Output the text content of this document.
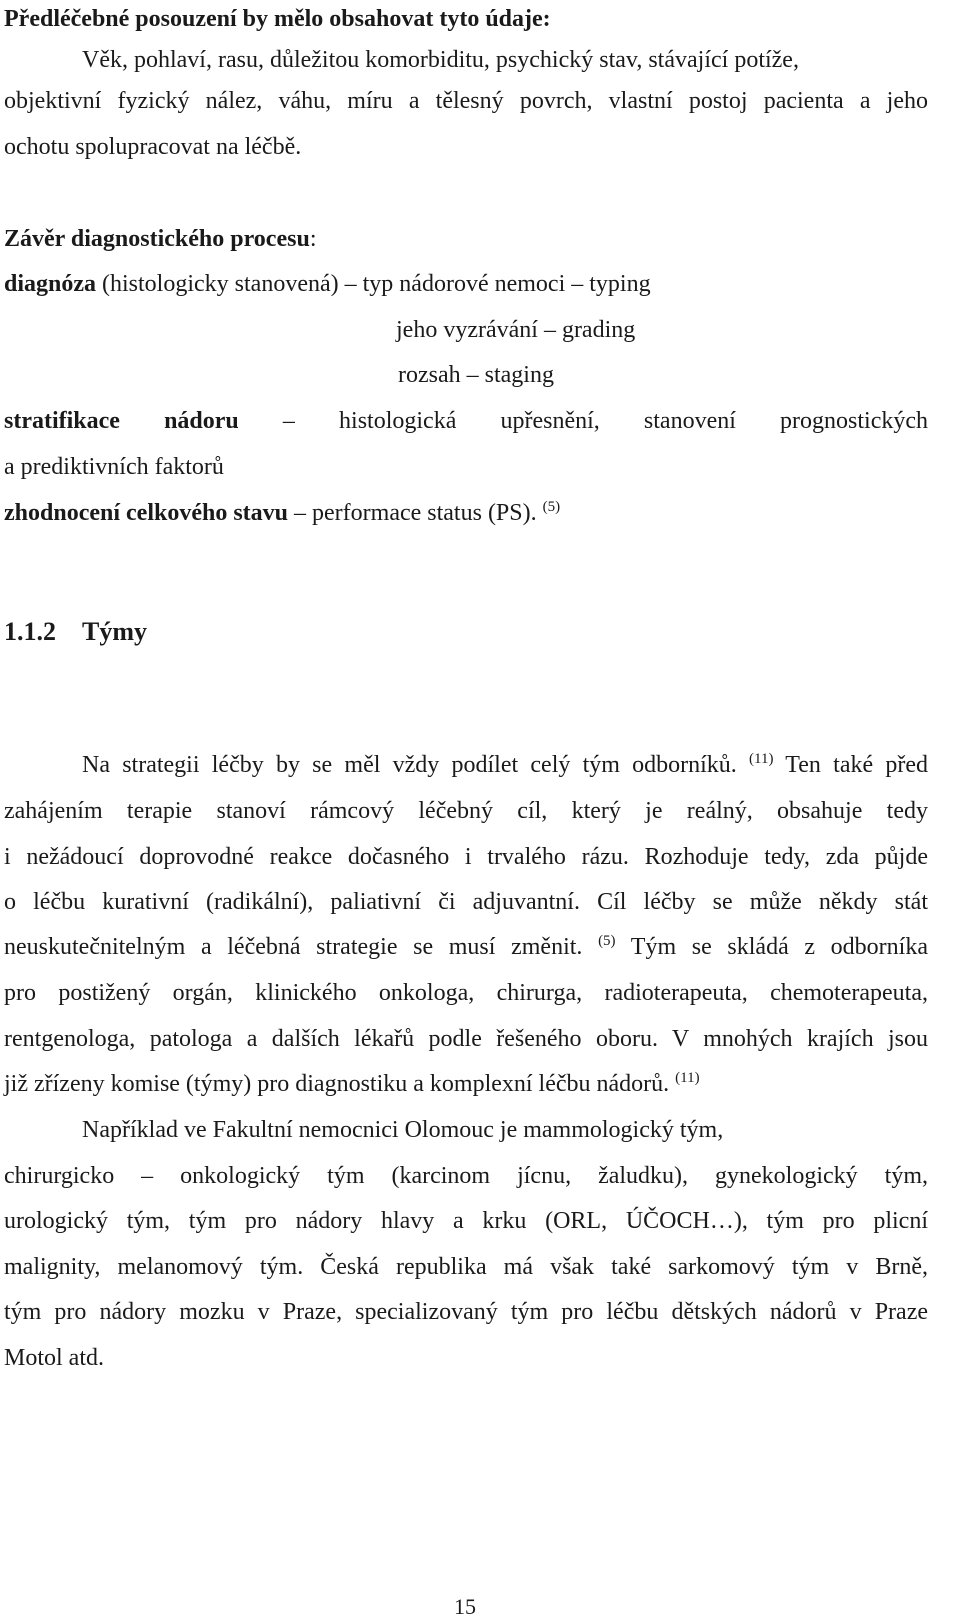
Předléčebné posouzení by mělo obsahovat tyto údaje:

Věk, pohlaví, rasu, důležitou komorbiditu, psychický stav, stávající potíže,

objektivní fyzický nález, váhu, míru a tělesný povrch, vlastní postoj pacienta a jeho

ochotu spolupracovat na léčbě.

Závěr diagnostického procesu:

diagnóza (histologicky stanovená) – typ nádorové nemoci – typing

jeho vyzrávání – grading

rozsah – staging

stratifikace nádoru – histologická upřesnění, stanovení prognostických

a prediktivních faktorů

zhodnocení celkového stavu – performace status (PS). $^{(5)}$

1.1.2 Týmy

Na strategii léčby by se měl vždy podílet celý tým odborníků. $^{(11)}$ Ten také před

zahájením terapie stanoví rámcový léčebný cíl, který je reálný, obsahuje tedy

i nežádoucí doprovodné reakce dočasného i trvalého rázu. Rozhoduje tedy, zda půjde

o léčbu kurativní (radikální), paliativní či adjuvantní. Cíl léčby se může někdy stát

neuskutečnitelným a léčebná strategie se musí změnit. $^{(5)}$ Tým se skládá z odborníka

pro postižený orgán, klinického onkologa, chirurga, radioterapeuta, chemoterapeuta,

rentgenologa, patologa a dalších lékařů podle řešeného oboru. V mnohých krajích jsou

již zřízeny komise (týmy) pro diagnostiku a komplexní léčbu nádorů. $^{(11)}$

Například ve Fakultní nemocnici Olomouc je mammologický tým,

chirurgicko – onkologický tým (karcinom jícnu, žaludku), gynekologický tým,

urologický tým, tým pro nádory hlavy a krku (ORL, ÚČOCH…), tým pro plicní

malignity, melanomový tým. Česká republika má však také sarkomový tým v Brně,

tým pro nádory mozku v Praze, specializovaný tým pro léčbu dětských nádorů v Praze

Motol atd.

15
